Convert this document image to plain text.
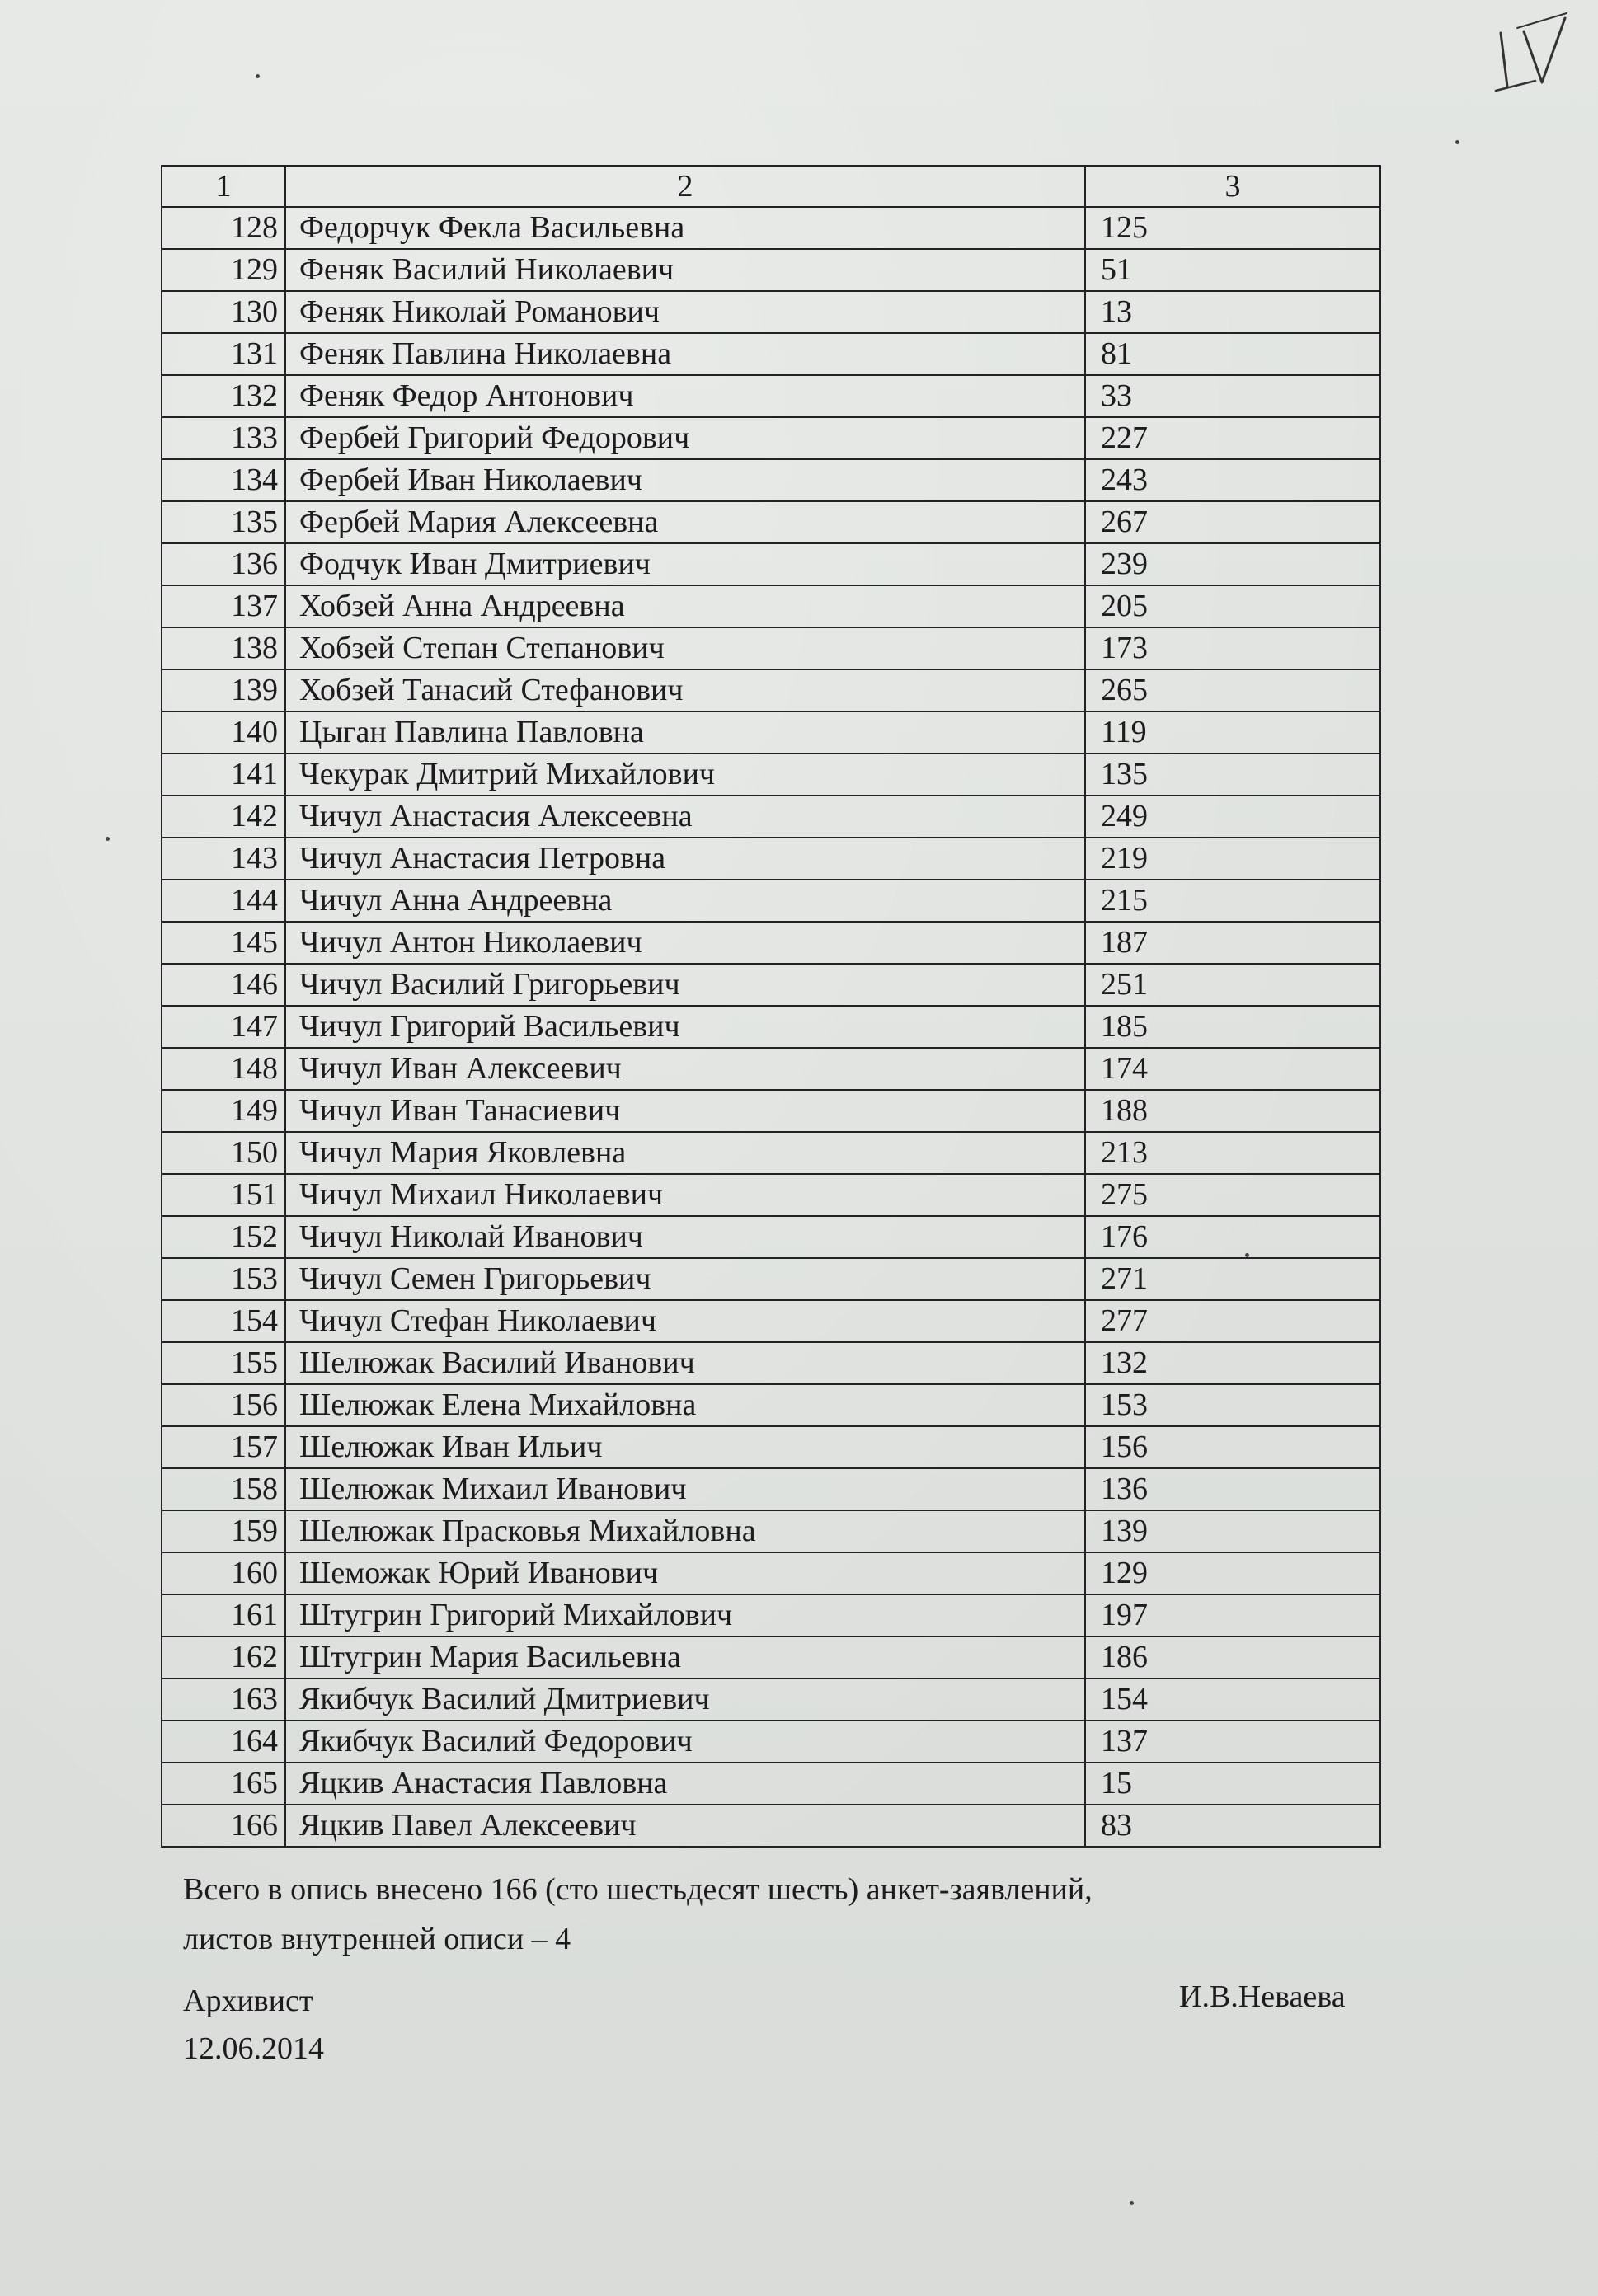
1	2	3
128	Федорчук Фекла Васильевна	125
129	Феняк Василий Николаевич	51
130	Феняк Николай Романович	13
131	Феняк Павлина Николаевна	81
132	Феняк Федор Антонович	33
133	Фербей Григорий Федорович	227
134	Фербей Иван Николаевич	243
135	Фербей Мария Алексеевна	267
136	Фодчук Иван Дмитриевич	239
137	Хобзей Анна Андреевна	205
138	Хобзей Степан Степанович	173
139	Хобзей Танасий Стефанович	265
140	Цыган Павлина Павловна	119
141	Чекурак Дмитрий Михайлович	135
142	Чичул Анастасия Алексеевна	249
143	Чичул Анастасия Петровна	219
144	Чичул Анна Андреевна	215
145	Чичул Антон Николаевич	187
146	Чичул Василий Григорьевич	251
147	Чичул Григорий Васильевич	185
148	Чичул Иван Алексеевич	174
149	Чичул Иван Танасиевич	188
150	Чичул Мария Яковлевна	213
151	Чичул Михаил Николаевич	275
152	Чичул Николай Иванович	176
153	Чичул Семен Григорьевич	271
154	Чичул Стефан Николаевич	277
155	Шелюжак Василий Иванович	132
156	Шелюжак Елена Михайловна	153
157	Шелюжак Иван Ильич	156
158	Шелюжак Михаил Иванович	136
159	Шелюжак Прасковья Михайловна	139
160	Шеможак Юрий Иванович	129
161	Штугрин Григорий Михайлович	197
162	Штугрин Мария Васильевна	186
163	Якибчук Василий Дмитриевич	154
164	Якибчук Василий Федорович	137
165	Яцкив Анастасия Павловна	15
166	Яцкив Павел Алексеевич	83
Всего в опись внесено 166 (сто шестьдесят шесть) анкет-заявлений,
листов внутренней описи – 4
Архивист
12.06.2014
И.В.Неваева
